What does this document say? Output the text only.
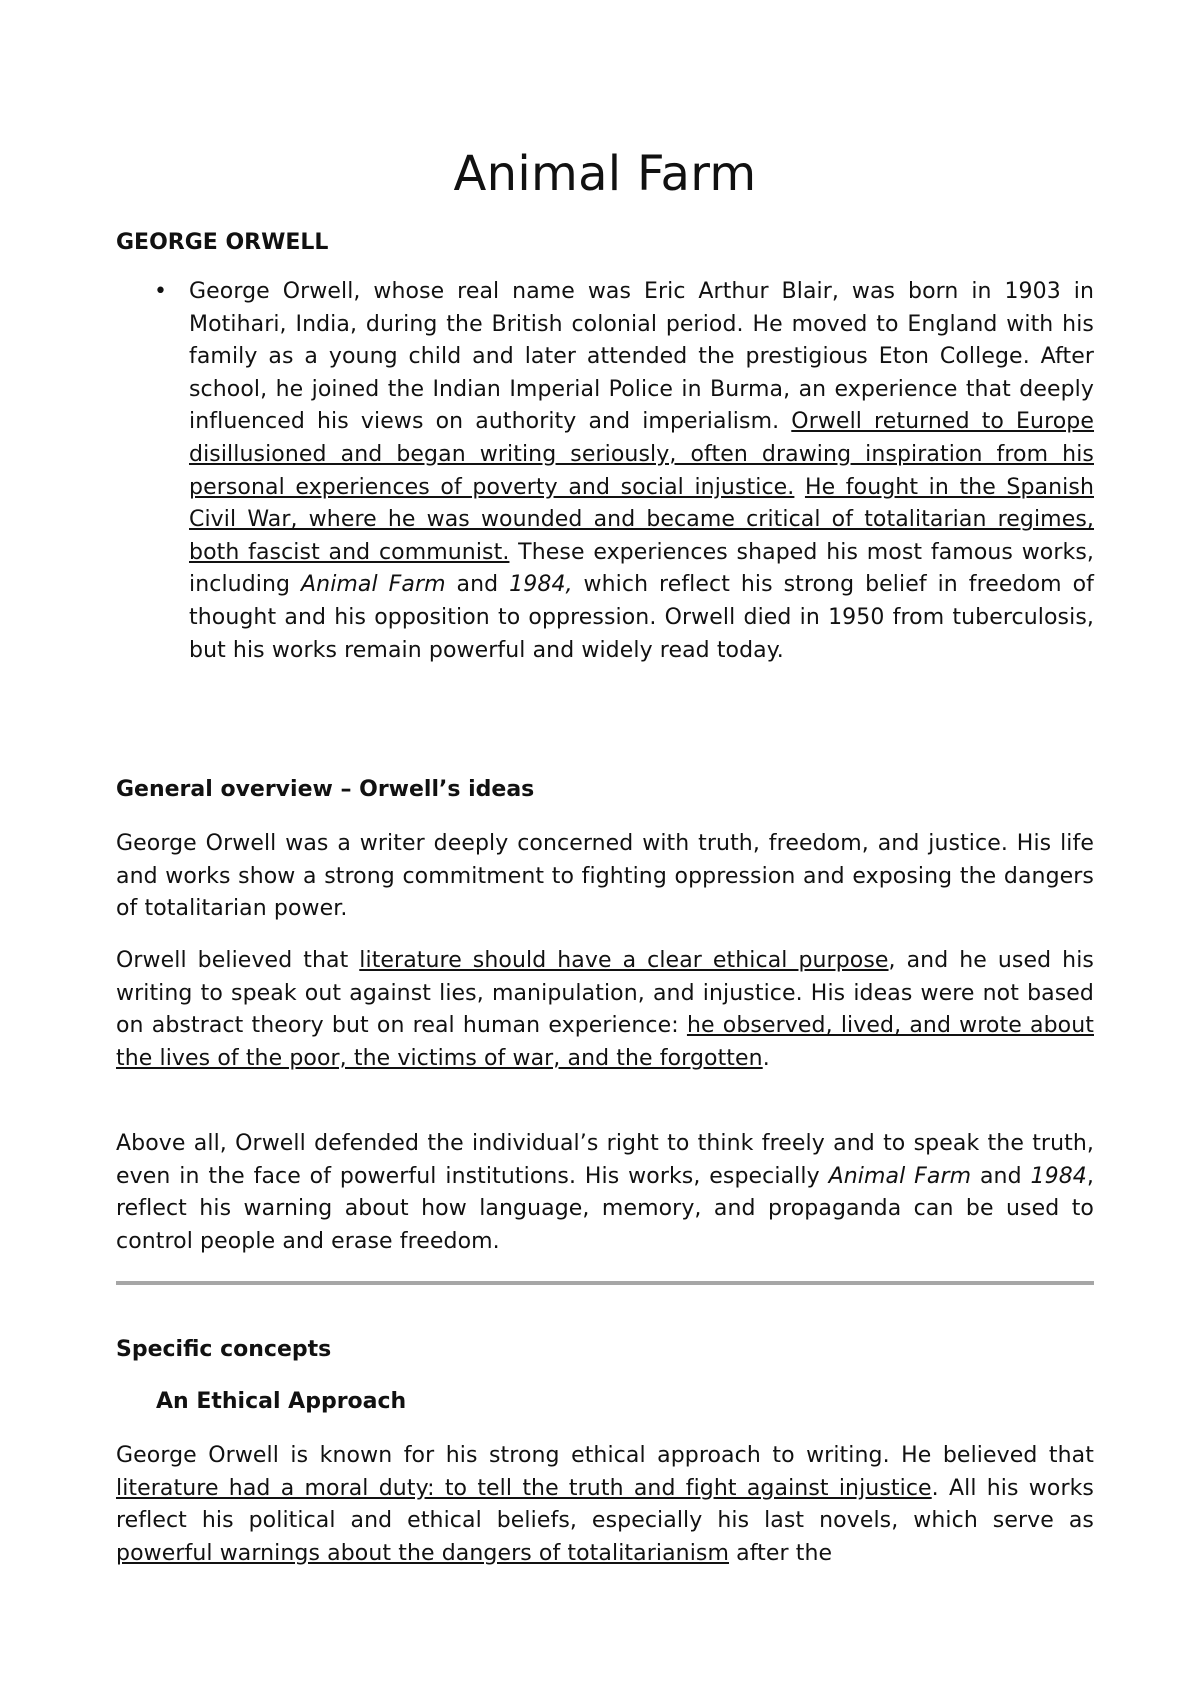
Animal Farm
GEORGE ORWELL
• George Orwell, whose real name was Eric Arthur Blair, was born in 1903 in Motihari, India, during the British colonial period. He moved to England with his family as a young child and later attended the prestigious Eton College. After school, he joined the Indian Imperial Police in Burma, an experience that deeply influenced his views on authority and imperialism. Orwell returned to Europe disillusioned and began writing seriously, often drawing inspiration from his personal experiences of poverty and social injustice. He fought in the Spanish Civil War, where he was wounded and became critical of totalitarian regimes, both fascist and communist. These experiences shaped his most famous works, including Animal Farm and 1984, which reflect his strong belief in freedom of thought and his opposition to oppression. Orwell died in 1950 from tuberculosis, but his works remain powerful and widely read today.
General overview – Orwell’s ideas

George Orwell was a writer deeply concerned with truth, freedom, and justice. His life and works show a strong commitment to fighting oppression and exposing the dangers of totalitarian power.

Orwell believed that literature should have a clear ethical purpose, and he used his writing to speak out against lies, manipulation, and injustice. His ideas were not based on abstract theory but on real human experience: he observed, lived, and wrote about the lives of the poor, the victims of war, and the forgotten.

Above all, Orwell defended the individual’s right to think freely and to speak the truth, even in the face of powerful institutions. His works, especially Animal Farm and 1984, reflect his warning about how language, memory, and propaganda can be used to control people and erase freedom.

Specific concepts
An Ethical Approach

George Orwell is known for his strong ethical approach to writing. He believed that literature had a moral duty: to tell the truth and fight against injustice. All his works reflect his political and ethical beliefs, especially his last novels, which serve as powerful warnings about the dangers of totalitarianism after the
